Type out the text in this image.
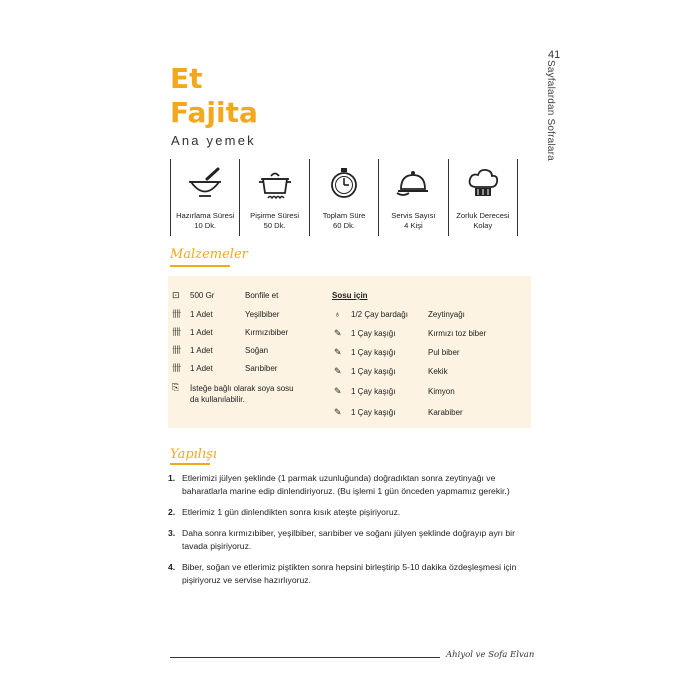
41
Sayfalardan Sofralara
Et
Fajita
Ana yemek
Hazırlama Süresi
10 Dk.
Pişirme Süresi
50 Dk.
Toplam Süre
60 Dk.
Servis Sayısı
4 Kişi
Zorluk Derecesi
Kolay
Malzemeler
⊡ 500 Gr	Bonfile et
卌 1 Adet	Yeşilbiber
卌 1 Adet	Kırmızıbiber
卌 1 Adet	Soğan
卌 1 Adet	Sarıbiber
⎘ İsteğe bağlı olarak soya sosu da kullanılabilir.
Sosu için
♁ 1/2 Çay bardağı	Zeytinyağı
✎ 1 Çay kaşığı	Kırmızı toz biber
✎ 1 Çay kaşığı	Pul biber
✎ 1 Çay kaşığı	Kekik
✎ 1 Çay kaşığı	Kimyon
✎ 1 Çay kaşığı	Karabiber
Yapılışı
1. Etlerimizi jülyen şeklinde (1 parmak uzunluğunda) doğradıktan sonra zeytinyağı ve baharatlarla marine edip dinlendiriyoruz. (Bu işlemi 1 gün önceden yapmamız gerekir.)
2. Etlerimiz 1 gün dinlendikten sonra kısık ateşte pişiriyoruz.
3. Daha sonra kırmızıbiber, yeşilbiber, sarıbiber ve soğanı jülyen şeklinde doğrayıp ayrı bir tavada pişiriyoruz.
4. Biber, soğan ve etlerimiz piştikten sonra hepsini birleştirip 5-10 dakika özdeşleşmesi için pişiriyoruz ve servise hazırlıyoruz.
Ahiyol ve Sofa Elvan
